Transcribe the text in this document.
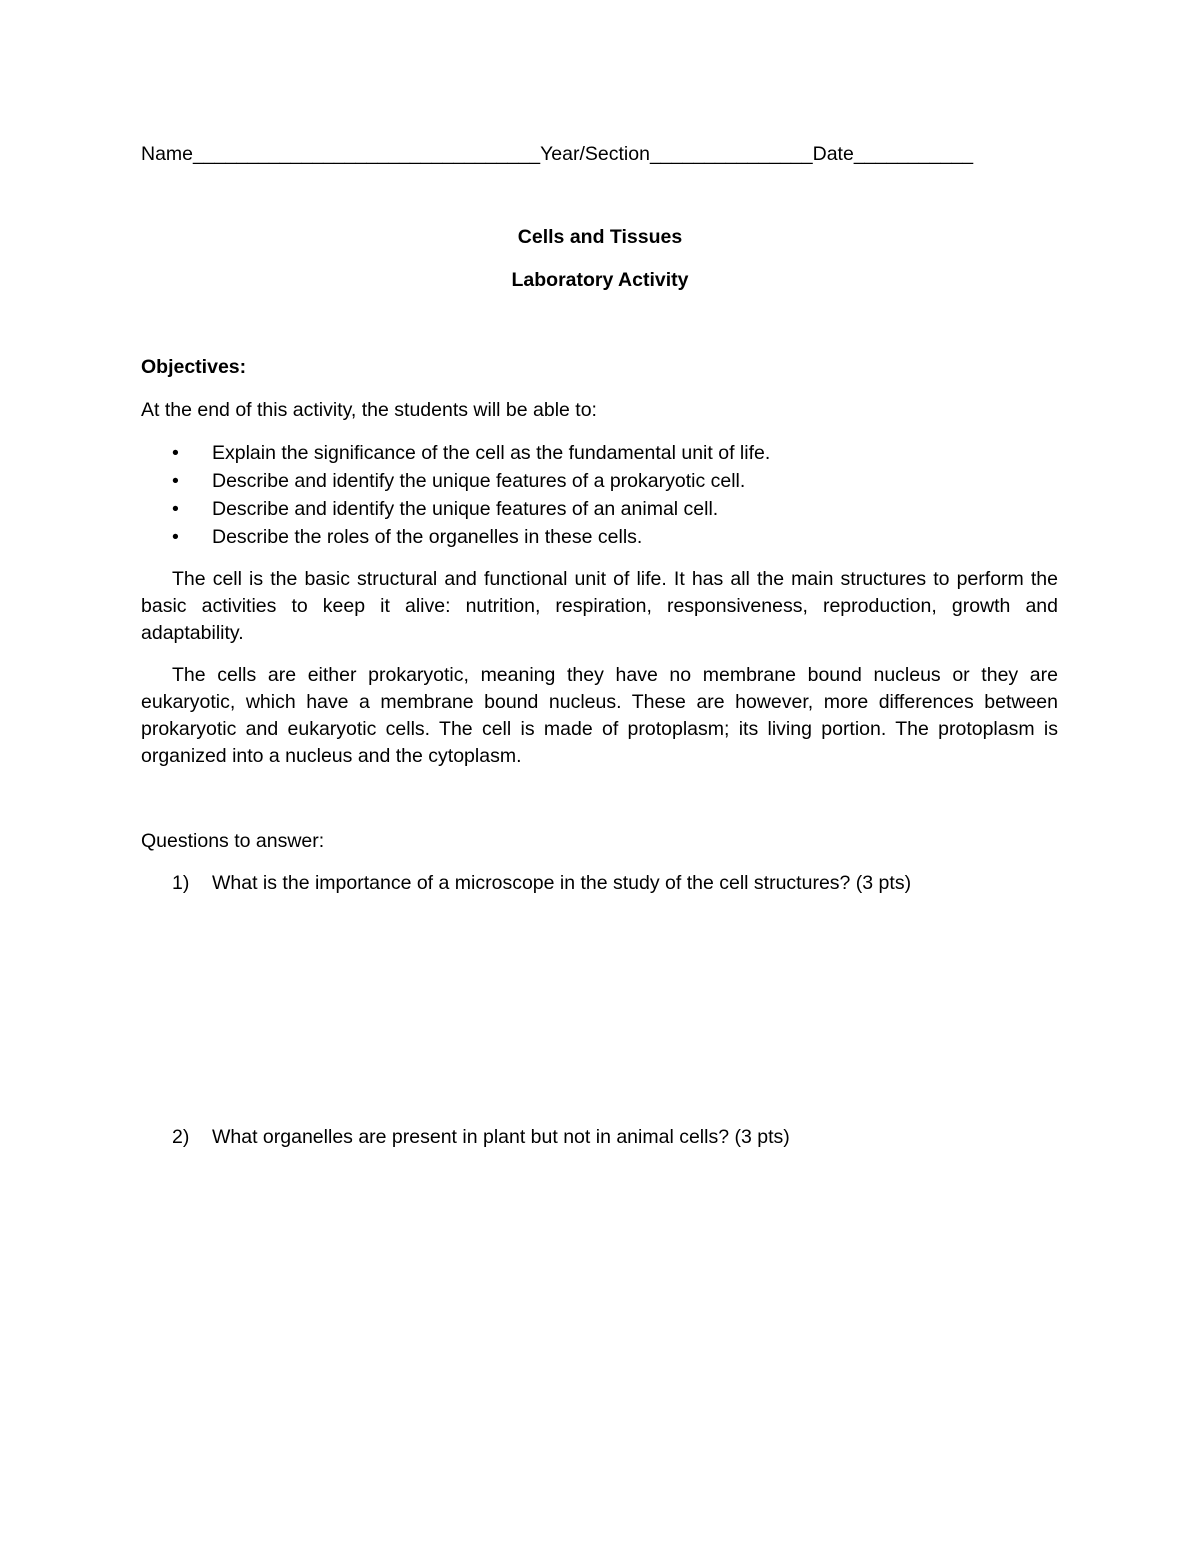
Name________________________________Year/Section_______________Date___________
Cells and Tissues
Laboratory Activity
Objectives:
At the end of this activity, the students will be able to:
• Explain the significance of the cell as the fundamental unit of life.
• Describe and identify the unique features of a prokaryotic cell.
• Describe and identify the unique features of an animal cell.
• Describe the roles of the organelles in these cells.

The cell is the basic structural and functional unit of life. It has all the main structures to perform the basic activities to keep it alive: nutrition, respiration, responsiveness, reproduction, growth and adaptability.

The cells are either prokaryotic, meaning they have no membrane bound nucleus or they are eukaryotic, which have a membrane bound nucleus. These are however, more differences between prokaryotic and eukaryotic cells. The cell is made of protoplasm; its living portion. The protoplasm is organized into a nucleus and the cytoplasm.

Questions to answer:
1) What is the importance of a microscope in the study of the cell structures? (3 pts)
2) What organelles are present in plant but not in animal cells? (3 pts)
